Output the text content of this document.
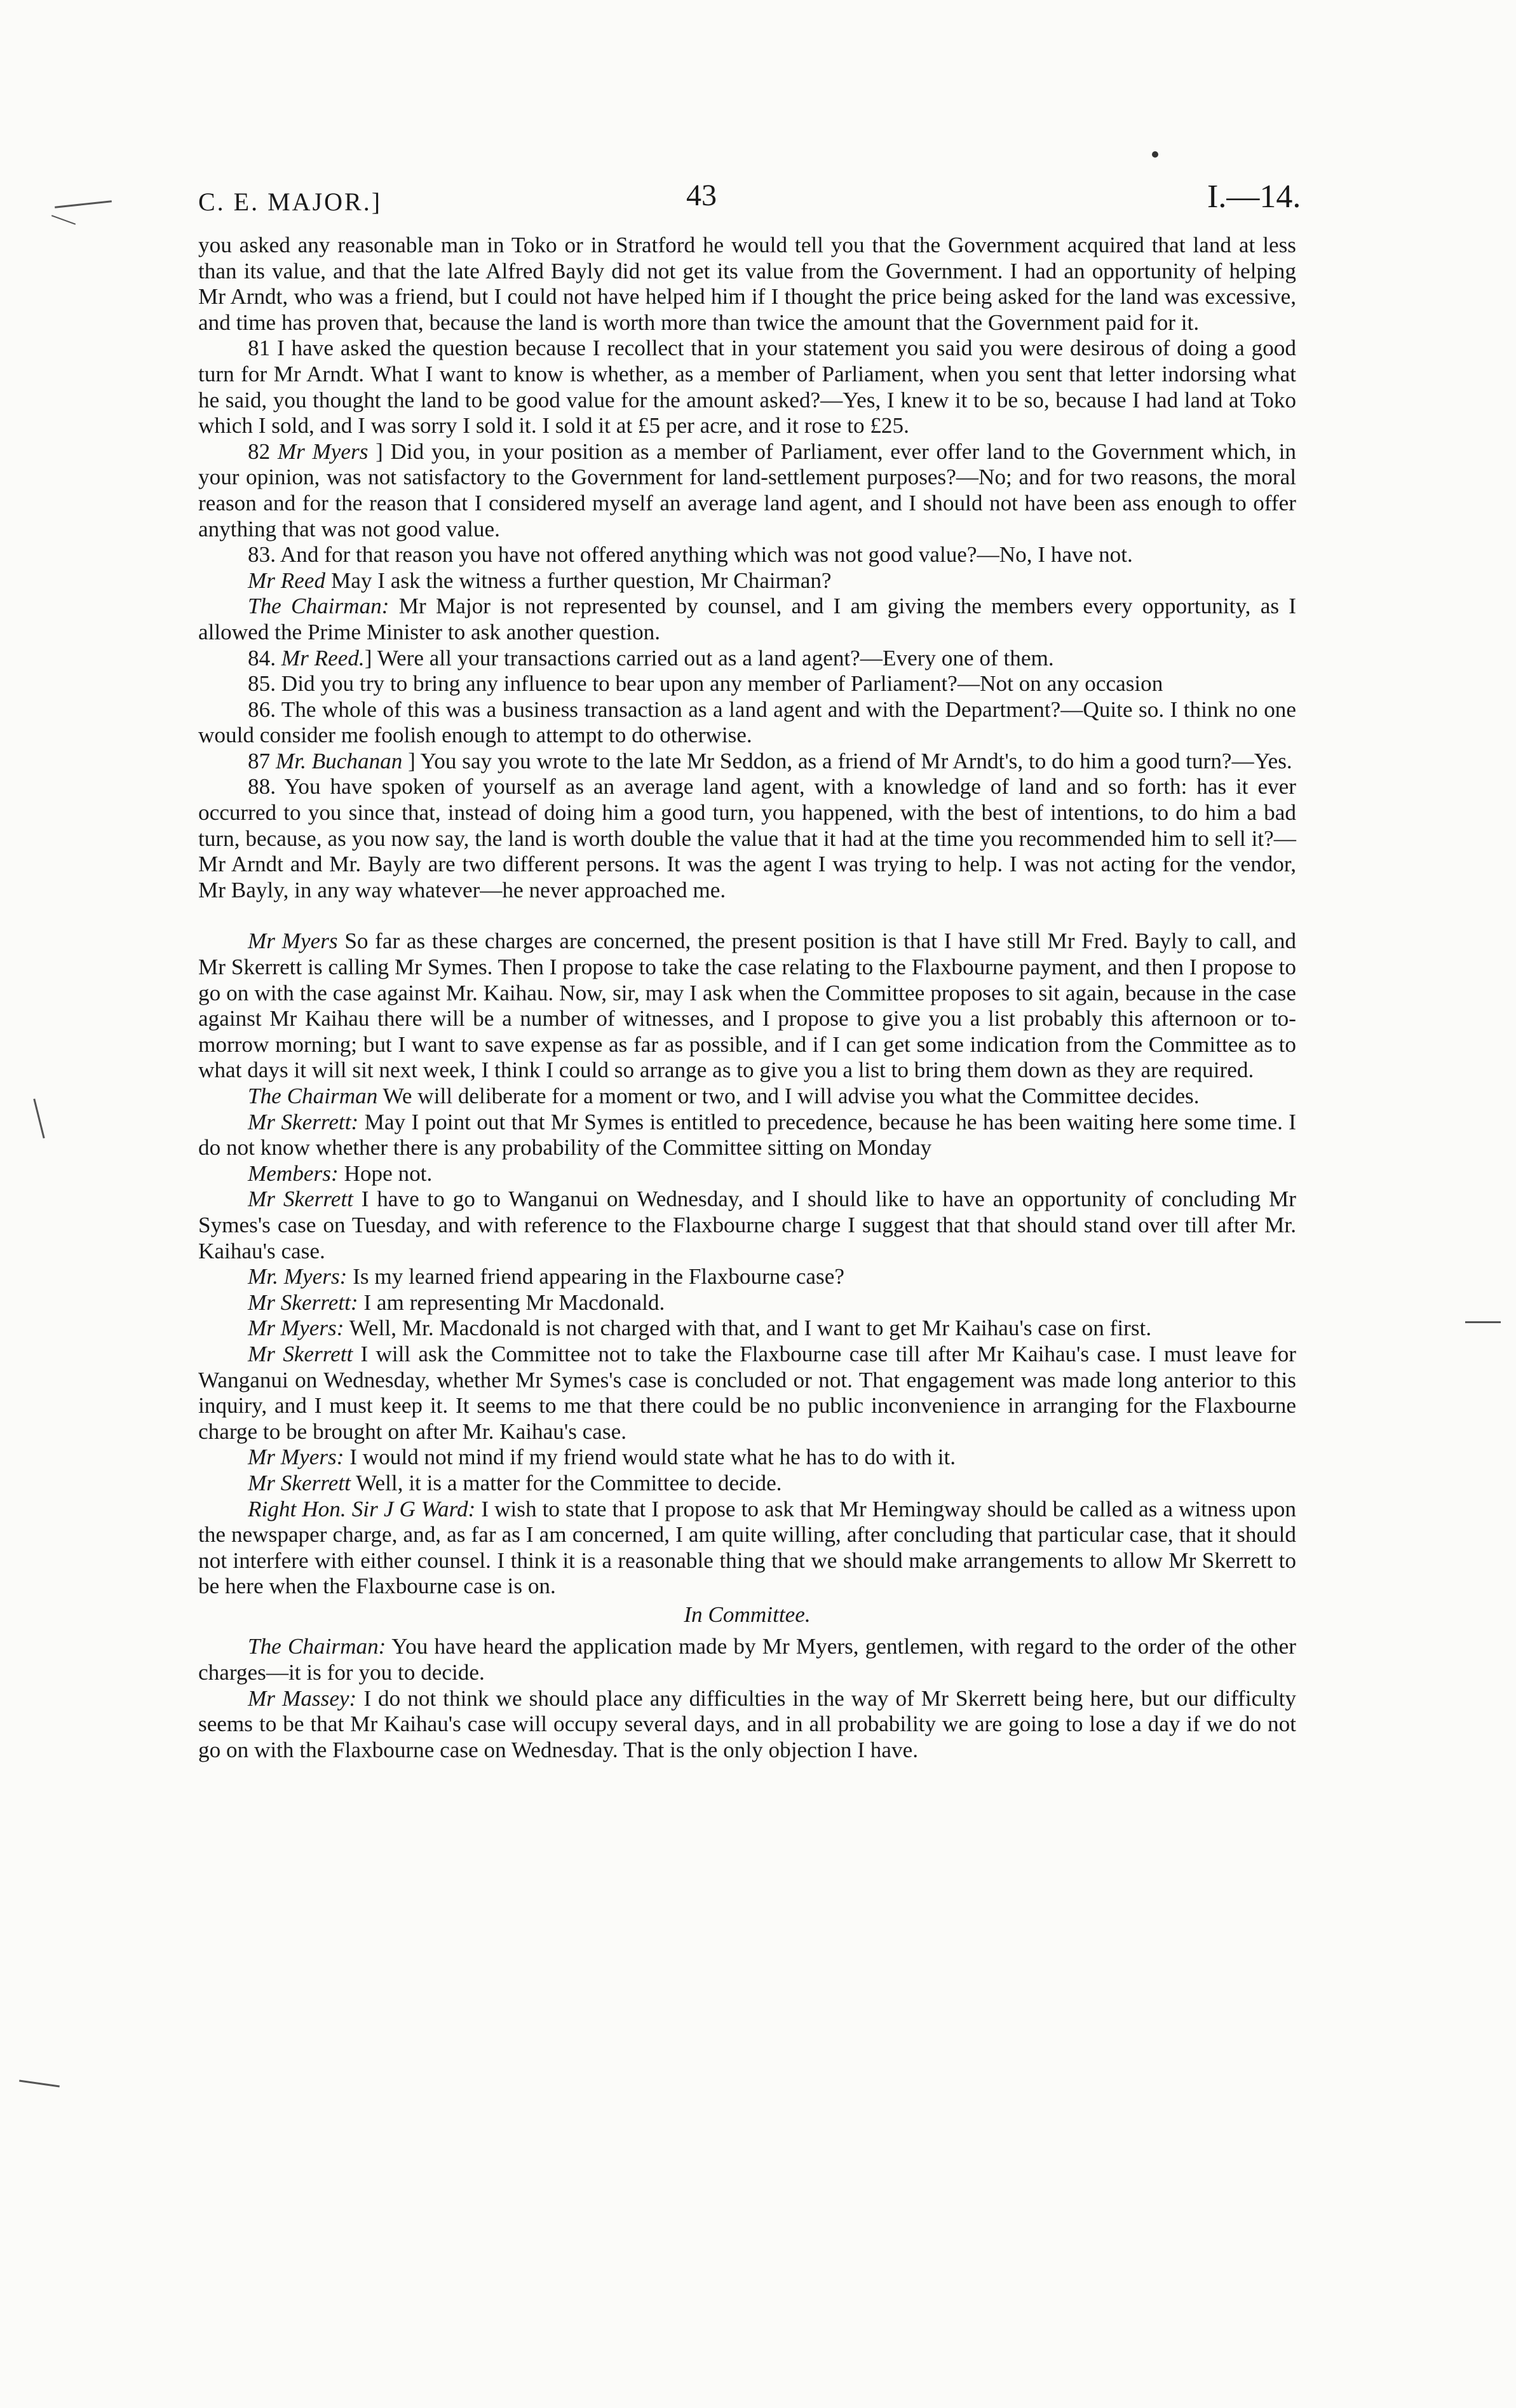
C. E. MAJOR.]	43	I.—14.

you asked any reasonable man in Toko or in Stratford he would tell you that the Government acquired that land at less than its value, and that the late Alfred Bayly did not get its value from the Government. I had an opportunity of helping Mr Arndt, who was a friend, but I could not have helped him if I thought the price being asked for the land was excessive, and time has proven that, because the land is worth more than twice the amount that the Government paid for it.

81 I have asked the question because I recollect that in your statement you said you were desirous of doing a good turn for Mr Arndt. What I want to know is whether, as a member of Parliament, when you sent that letter indorsing what he said, you thought the land to be good value for the amount asked?—Yes, I knew it to be so, because I had land at Toko which I sold, and I was sorry I sold it. I sold it at £5 per acre, and it rose to £25.

82 Mr Myers ] Did you, in your position as a member of Parliament, ever offer land to the Government which, in your opinion, was not satisfactory to the Government for land-settlement purposes?—No; and for two reasons, the moral reason and for the reason that I considered myself an average land agent, and I should not have been ass enough to offer anything that was not good value.

83. And for that reason you have not offered anything which was not good value?—No, I have not.

Mr Reed May I ask the witness a further question, Mr Chairman?

The Chairman: Mr Major is not represented by counsel, and I am giving the members every opportunity, as I allowed the Prime Minister to ask another question.

84. Mr Reed.] Were all your transactions carried out as a land agent?—Every one of them.

85. Did you try to bring any influence to bear upon any member of Parliament?—Not on any occasion

86. The whole of this was a business transaction as a land agent and with the Department?—Quite so. I think no one would consider me foolish enough to attempt to do otherwise.

87 Mr. Buchanan ] You say you wrote to the late Mr Seddon, as a friend of Mr Arndt's, to do him a good turn?—Yes.

88. You have spoken of yourself as an average land agent, with a knowledge of land and so forth: has it ever occurred to you since that, instead of doing him a good turn, you happened, with the best of intentions, to do him a bad turn, because, as you now say, the land is worth double the value that it had at the time you recommended him to sell it?—Mr Arndt and Mr. Bayly are two different persons. It was the agent I was trying to help. I was not acting for the vendor, Mr Bayly, in any way whatever—he never approached me.

Mr Myers So far as these charges are concerned, the present position is that I have still Mr Fred. Bayly to call, and Mr Skerrett is calling Mr Symes. Then I propose to take the case relating to the Flaxbourne payment, and then I propose to go on with the case against Mr. Kaihau. Now, sir, may I ask when the Committee proposes to sit again, because in the case against Mr Kaihau there will be a number of witnesses, and I propose to give you a list probably this afternoon or to-morrow morning; but I want to save expense as far as possible, and if I can get some indication from the Committee as to what days it will sit next week, I think I could so arrange as to give you a list to bring them down as they are required.

The Chairman We will deliberate for a moment or two, and I will advise you what the Committee decides.

Mr Skerrett: May I point out that Mr Symes is entitled to precedence, because he has been waiting here some time. I do not know whether there is any probability of the Committee sitting on Monday

Members: Hope not.

Mr Skerrett I have to go to Wanganui on Wednesday, and I should like to have an opportunity of concluding Mr Symes's case on Tuesday, and with reference to the Flaxbourne charge I suggest that that should stand over till after Mr. Kaihau's case.

Mr. Myers: Is my learned friend appearing in the Flaxbourne case?

Mr Skerrett: I am representing Mr Macdonald.

Mr Myers: Well, Mr. Macdonald is not charged with that, and I want to get Mr Kaihau's case on first.

Mr Skerrett I will ask the Committee not to take the Flaxbourne case till after Mr Kaihau's case. I must leave for Wanganui on Wednesday, whether Mr Symes's case is concluded or not. That engagement was made long anterior to this inquiry, and I must keep it. It seems to me that there could be no public inconvenience in arranging for the Flaxbourne charge to be brought on after Mr. Kaihau's case.

Mr Myers: I would not mind if my friend would state what he has to do with it.

Mr Skerrett Well, it is a matter for the Committee to decide.

Right Hon. Sir J G Ward: I wish to state that I propose to ask that Mr Hemingway should be called as a witness upon the newspaper charge, and, as far as I am concerned, I am quite willing, after concluding that particular case, that it should not interfere with either counsel. I think it is a reasonable thing that we should make arrangements to allow Mr Skerrett to be here when the Flaxbourne case is on.

In Committee.

The Chairman: You have heard the application made by Mr Myers, gentlemen, with regard to the order of the other charges—it is for you to decide.

Mr Massey: I do not think we should place any difficulties in the way of Mr Skerrett being here, but our difficulty seems to be that Mr Kaihau's case will occupy several days, and in all probability we are going to lose a day if we do not go on with the Flaxbourne case on Wednesday. That is the only objection I have.
